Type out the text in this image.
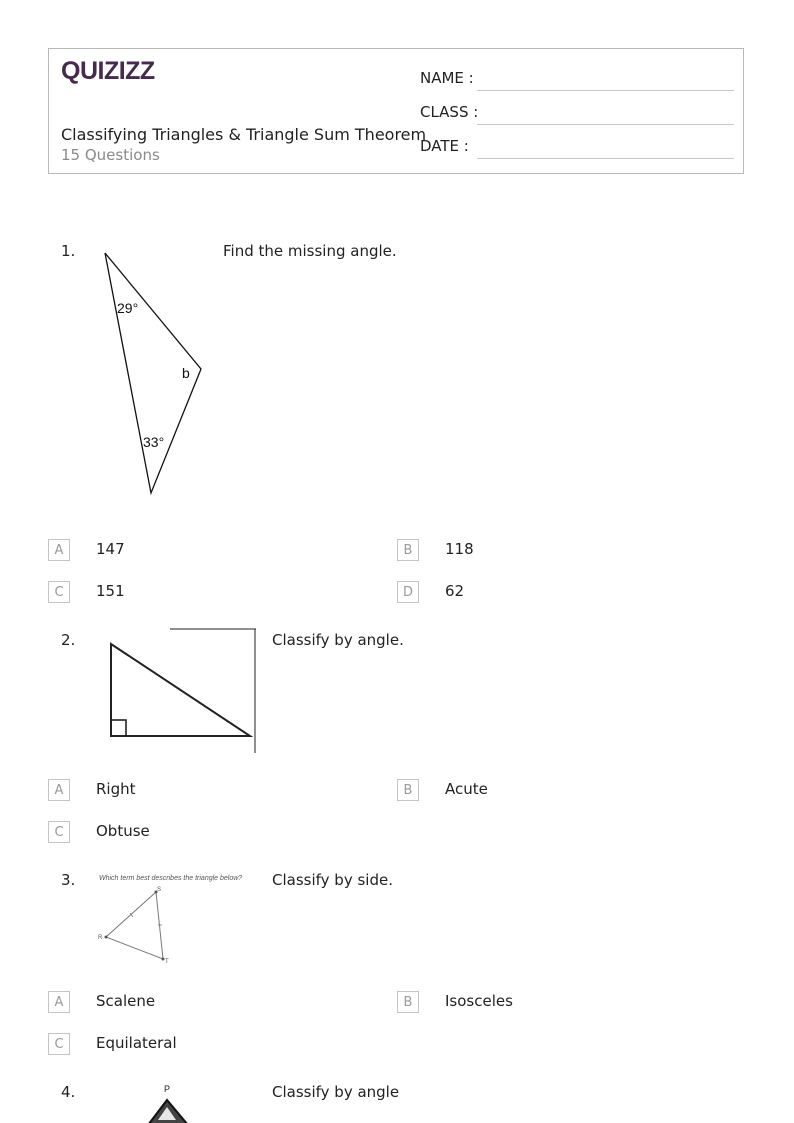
QUIZIZZ
Classifying Triangles & Triangle Sum Theorem
15 Questions
NAME :
CLASS :
DATE :
1.
29°
b
33°
Find the missing angle.
A	147	B	118
C	151	D	62
2.	Classify by angle.
A	Right	B	Acute
C	Obtuse
3.	Which term best describes the triangle below?
S
R
T
Classify by side.
A	Scalene	B	Isosceles
C	Equilateral
4.	P	Classify by angle
